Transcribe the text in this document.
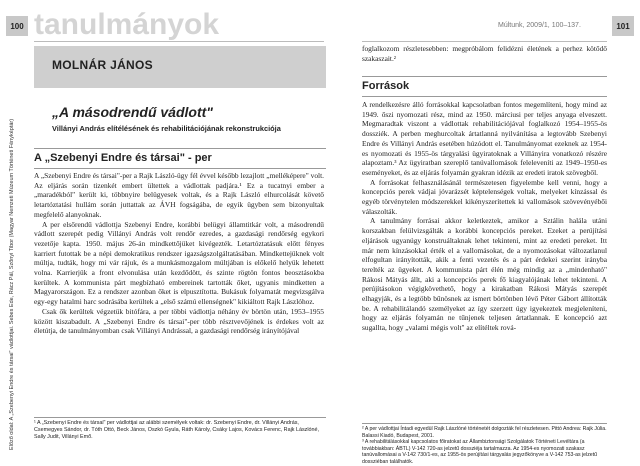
100 tanulmányok	Múltunk, 2009/1, 100–137.	101
Előző oldal: A „Szebenyi Endre és társai" vádlottjai. Sebes Ede, Rácz Pál, Szőnyi Tibor (Magyar Nemzeti Múzeum Történeti Fényképtár)
MOLNÁR JÁNOS
„A másodrendű vádlott"
Villányi András elítélésének és rehabilitációjának rekonstrukciója
A „Szebenyi Endre és társai" - per

A „Szebenyi Endre és társai"-per a Rajk László-ügy fél évvel később lezajlott „melléképere" volt. Az eljárás során tizenkét embert ültettek a vádlottak padjára.¹ Ez a tucatnyi ember a „maradékból" került ki, többnyire belügyesek voltak, és a Rajk László elhurcolását követő letartóztatási hullám során juttattak az ÁVH fogságába, de egyik ügyben sem bizonyultak megfelelő alanyoknak.

A per elsőrendű vádlottja Szebenyi Endre, korábbi belügyi államtitkár volt, a másodrendű vádlott szerepét pedig Villányi András volt rendőr ezredes, a gazdasági rendőrség egykori vezetője kapta. 1950. május 26-án mindkettőjüket kivégezték. Letartóztatásuk előtt fényes karriert futottak be a népi demokratikus rendszer igazságszolgáltatásában. Mindkettejüknek volt múltja, tudták, hogy mi vár rájuk, és a munkásmozgalom múltjában is előkelő helyük lehetett volna. Karrierjük a front elvonulása után kezdődött, és szinte rögtön fontos beosztásokba kerültek. A kommunista párt megbízható embereinek tartották őket, ugyanis mindketten a Magyarországon. Ez a rendszer azonban őket is elpusztította. Bukásuk folyamatát megvizsgálva egy-egy hatalmi harc sodrásába kerültek a „első számú ellenségnek" kikiáltott Rajk Lászlóhoz.

Csak ők kerültek végzetük bitófára, a per többi vádlottja néhány év börtön után, 1953–1955 között kiszabadult. A „Szebenyi Endre és társai"-per több résztvevőjének is érdekes volt az életútja, de tanulmányomban csak Villányi Andrással, a gazdasági rendőrség irányítójával

¹ A „Szebenyi Endre és társai" per vádlottjai az alábbi személyek voltak: dr. Szebenyi Endre, dr. Villányi András, Csemegyes Sándor, dr. Tóth Ottó, Beck János, Oszkó Gyula, Ráth Károly, Csáky Lajos, Kovács Ferenc, Rajk Lászlóné, Sally Judit, Villányi Emő.

foglalkozom részletesebben: megpróbálom felidézni életének a perhez kötődő szakaszait.²

Források

A rendelkezésre álló forrásokkal kapcsolatban fontos megemlíteni, hogy mind az 1949. őszi nyomozati rész, mind az 1950. márciusi per teljes anyaga elveszett. Megmaradtak viszont a vádlottak rehabilitációjával foglalkozó 1954–1955-ös dossziék. A perben meghurcoltak ártatlanná nyilvánítása a legtovább Szebenyi Endre és Villányi András esetében húzódott el. Tanulmányomat ezeknek az 1954-es nyomozati és 1955-ös tárgyalási ügyiratoknak a Villányira vonatkozó részére alapoztam.³ Az ügyiratban szereplő tanúvallomások feleleveníti az 1949–1950-es eseményeket, és az eljárás folyamán gyakran idézik az eredeti iratok szövegből.

A forrásokat felhasználásánál természetesen figyelembe kell venni, hogy a koncepciós perek vádjai jóvarázsét képtelenségek voltak, melyeket kínzással és egyéb törvénytelen módszerekkel kikényszerítettek ki vallomások szövevényébői válaszolták.

A tanulmány forrásai akkor keletkeztek, amikor a Sztálin halála utáni korszakban felülvizsgálták a korábbi koncepciós pereket. Ezeket a perújítási eljárások ugyanúgy konstruáltaknak lehet tekinteni, mint az eredeti pereket. Itt már nem kínzásokkal érték el a vallomásokat, de a nyomozásokat változatlanul elfogultan irányították, akik a fenti vezetés és a párt érdekei szerint irányba terelték az ügyeket. A kommunista párt élén még mindig az a „mindenható" Rákosi Mátyás állt, aki a koncepciós perek fő kiagyalójának lehet tekinteni. A perújításokon végigkövethető, hogy a kirakatban Rákosi Mátyás szerepét elhagyják, és a legtöbb bűnösnek az ismert börtönben lévő Péter Gábort állították be. A rehabilitálandó személyeket az így szerzett úgy igyekeztek megjeleníteni, hogy az eljárás folyamán ne tűnjenek teljesen ártatlannak. E koncepció azt sugallta, hogy „valami mégis volt" az elítéltek rová-

² A per vádlottjai Íntadi egyedül Rajk Lászlóné történetét dolgozták fel részletesen. Pittó Andrea: Rajk Júlia. Balassi Kiadó, Budapest, 2001.
³ A rehabilitálásokkal kapcsolatos főiratokat az Állambiztonsági Szolgálatok Történeti Levéltára (a továbbiakban: ÁBTL) V-142 720-as jelzetű dossziéja tartalmazza. Az 1954-es nyomozati szakasz tanúvallomásai a V-142 730/1-es, az 1955-ös perújítási tárgyalás jegyzőkönyve a V-142 753-as jelzetű dossziéban találhatók.
